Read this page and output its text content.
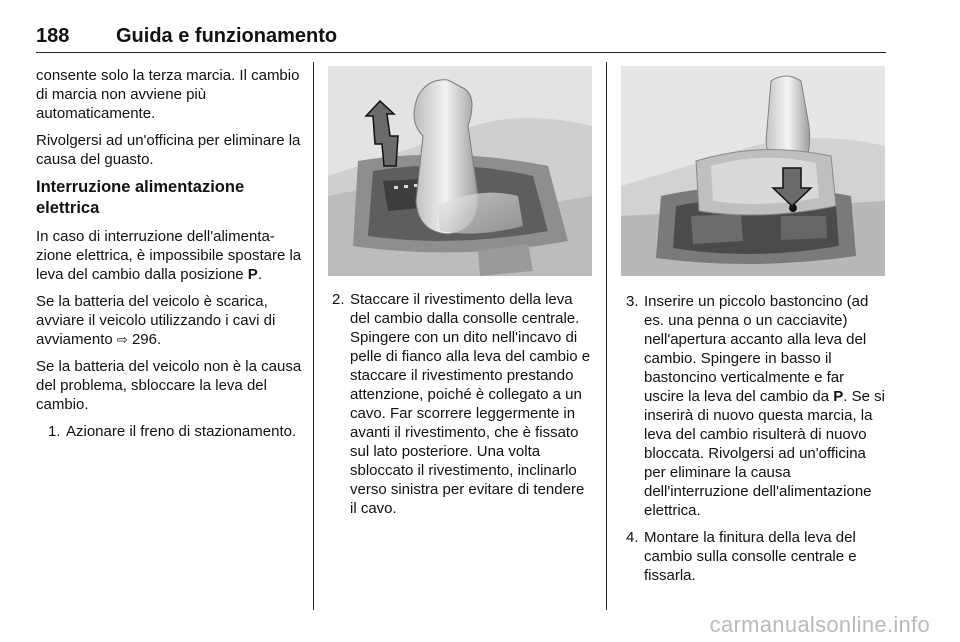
188 Guida e funzionamento

consente solo la terza marcia. Il cambio di marcia non avviene più automaticamente.

Rivolgersi ad un'officina per eliminare la causa del guasto.

Interruzione alimentazione elettrica

In caso di interruzione dell'alimentazione elettrica, è impossibile spostare la leva del cambio dalla posizione P.

Se la batteria del veicolo è scarica, avviare il veicolo utilizzando i cavi di avviamento ⇨ 296.

Se la batteria del veicolo non è la causa del problema, sbloccare la leva del cambio.

1. Azionare il freno di stazionamento.
2. Staccare il rivestimento della leva del cambio dalla consolle centrale. Spingere con un dito nell'incavo di pelle di fianco alla leva del cambio e staccare il rivestimento prestando attenzione, poiché è collegato a un cavo. Far scorrere leggermente in avanti il rivestimento, che è fissato sul lato posteriore. Una volta sbloccato il rivestimento, inclinarlo verso sinistra per evitare di tendere il cavo.
3. Inserire un piccolo bastoncino (ad es. una penna o un cacciavite) nell'apertura accanto alla leva del cambio. Spingere in basso il bastoncino verticalmente e far uscire la leva del cambio da P. Se si inserirà di nuovo questa marcia, la leva del cambio risulterà di nuovo bloccata. Rivolgersi ad un'officina per eliminare la causa dell'interruzione dell'alimentazione elettrica.
4. Montare la finitura della leva del cambio sulla consolle centrale e fissarla.
carmanualsonline.info
